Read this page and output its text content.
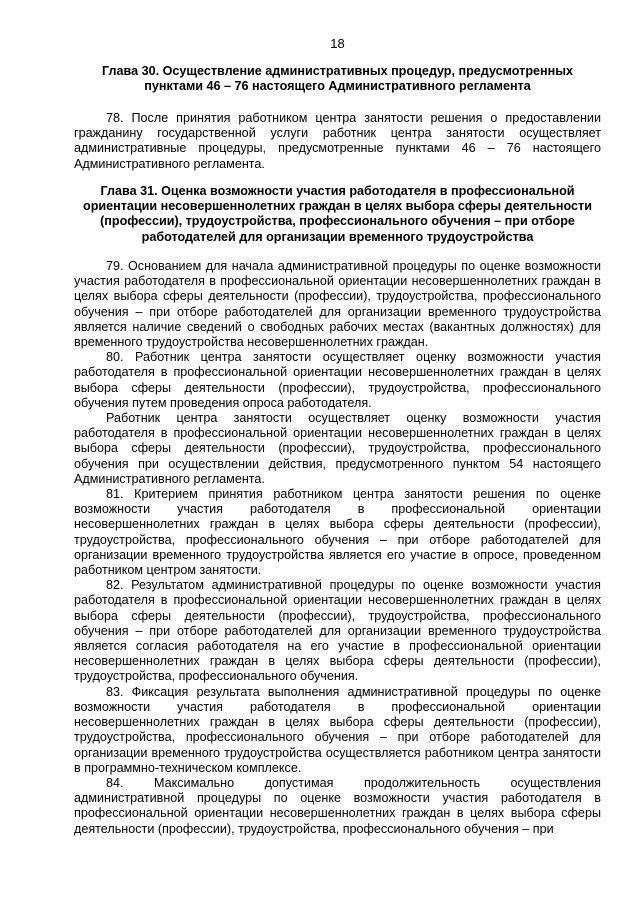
18

Глава 30. Осуществление административных процедур, предусмотренных пунктами 46 – 76 настоящего Административного регламента

78. После принятия работником центра занятости решения о предоставлении гражданину государственной услуги работник центра занятости осуществляет административные процедуры, предусмотренные пунктами 46 – 76 настоящего Административного регламента.

Глава 31. Оценка возможности участия работодателя в профессиональной ориентации несовершеннолетних граждан в целях выбора сферы деятельности (профессии), трудоустройства, профессионального обучения – при отборе работодателей для организации временного трудоустройства

79. Основанием для начала административной процедуры по оценке возможности участия работодателя в профессиональной ориентации несовершеннолетних граждан в целях выбора сферы деятельности (профессии), трудоустройства, профессионального обучения – при отборе работодателей для организации временного трудоустройства является наличие сведений о свободных рабочих местах (вакантных должностях) для временного трудоустройства несовершеннолетних граждан.

80. Работник центра занятости осуществляет оценку возможности участия работодателя в профессиональной ориентации несовершеннолетних граждан в целях выбора сферы деятельности (профессии), трудоустройства, профессионального обучения путем проведения опроса работодателя.

Работник центра занятости осуществляет оценку возможности участия работодателя в профессиональной ориентации несовершеннолетних граждан в целях выбора сферы деятельности (профессии), трудоустройства, профессионального обучения при осуществлении действия, предусмотренного пунктом 54 настоящего Административного регламента.

81. Критерием принятия работником центра занятости решения по оценке возможности участия работодателя в профессиональной ориентации несовершеннолетних граждан в целях выбора сферы деятельности (профессии), трудоустройства, профессионального обучения – при отборе работодателей для организации временного трудоустройства является его участие в опросе, проведенном работником центром занятости.

82. Результатом административной процедуры по оценке возможности участия работодателя в профессиональной ориентации несовершеннолетних граждан в целях выбора сферы деятельности (профессии), трудоустройства, профессионального обучения – при отборе работодателей для организации временного трудоустройства является согласия работодателя на его участие в профессиональной ориентации несовершеннолетних граждан в целях выбора сферы деятельности (профессии), трудоустройства, профессионального обучения.

83. Фиксация результата выполнения административной процедуры по оценке возможности участия работодателя в профессиональной ориентации несовершеннолетних граждан в целях выбора сферы деятельности (профессии), трудоустройства, профессионального обучения – при отборе работодателей для организации временного трудоустройства осуществляется работником центра занятости в программно-техническом комплексе.

84. Максимально допустимая продолжительность осуществления административной процедуры по оценке возможности участия работодателя в профессиональной ориентации несовершеннолетних граждан в целях выбора сферы деятельности (профессии), трудоустройства, профессионального обучения – при
